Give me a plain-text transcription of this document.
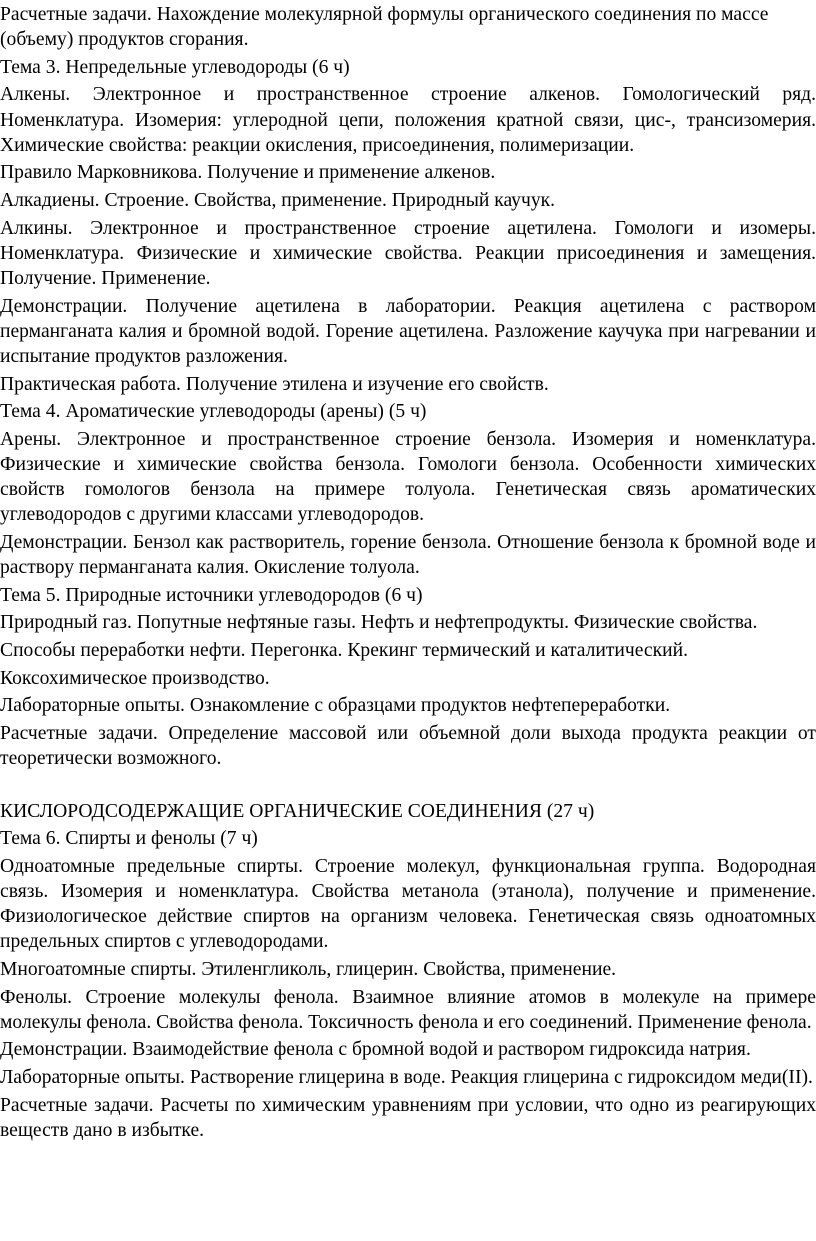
Расчетные задачи. Нахождение молекулярной формулы органического соединения по массе (объему) продуктов сгорания.

Тема 3. Непредельные углеводороды (6 ч)

Алкены. Электронное и пространственное строение алкенов. Гомологический ряд. Номенклатура. Изомерия: углеродной цепи, положения кратной связи, цис-, трансизомерия. Химические свойства: реакции окисления, присоединения, полимеризации.

Правило Марковникова. Получение и применение алкенов.

Алкадиены. Строение. Свойства, применение. Природный каучук.

Алкины. Электронное и пространственное строение ацетилена. Гомологи и изомеры. Номенклатура. Физические и химические свойства. Реакции присоединения и замещения. Получение. Применение.

Демонстрации. Получение ацетилена в лаборатории. Реакция ацетилена с раствором перманганата калия и бромной водой. Горение ацетилена. Разложение каучука при нагревании и испытание продуктов разложения.

Практическая работа. Получение этилена и изучение его свойств.

Тема 4. Ароматические углеводороды (арены) (5 ч)

Арены. Электронное и пространственное строение бензола. Изомерия и номенклатура. Физические и химические свойства бензола. Гомологи бензола. Особенности химических свойств гомологов бензола на примере толуола. Генетическая связь ароматических углеводородов с другими классами углеводородов.

Демонстрации. Бензол как растворитель, горение бензола. Отношение бензола к бромной воде и раствору перманганата калия. Окисление толуола.

Тема 5. Природные источники углеводородов (6 ч)

Природный газ. Попутные нефтяные газы. Нефть и нефтепродукты. Физические свойства.

Способы переработки нефти. Перегонка. Крекинг термический и каталитический.

Коксохимическое производство.

Лабораторные опыты. Ознакомление с образцами продуктов нефтепереработки.

Расчетные задачи. Определение массовой или объемной доли выхода продукта реакции от теоретически возможного.

КИСЛОРОДСОДЕРЖАЩИЕ ОРГАНИЧЕСКИЕ СОЕДИНЕНИЯ (27 ч)

Тема 6. Спирты и фенолы (7 ч)

Одноатомные предельные спирты. Строение молекул, функциональная группа. Водородная связь. Изомерия и номенклатура. Свойства метанола (этанола), получение и применение. Физиологическое действие спиртов на организм человека. Генетическая связь одноатомных предельных спиртов с углеводородами.

Многоатомные спирты. Этиленгликоль, глицерин. Свойства, применение.

Фенолы. Строение молекулы фенола. Взаимное влияние атомов в молекуле на примере молекулы фенола. Свойства фенола. Токсичность фенола и его соединений. Применение фенола.

Демонстрации. Взаимодействие фенола с бромной водой и раствором гидроксида натрия.

Лабораторные опыты. Растворение глицерина в воде. Реакция глицерина с гидроксидом меди(II).

Расчетные задачи. Расчеты по химическим уравнениям при условии, что одно из реагирующих веществ дано в избытке.
